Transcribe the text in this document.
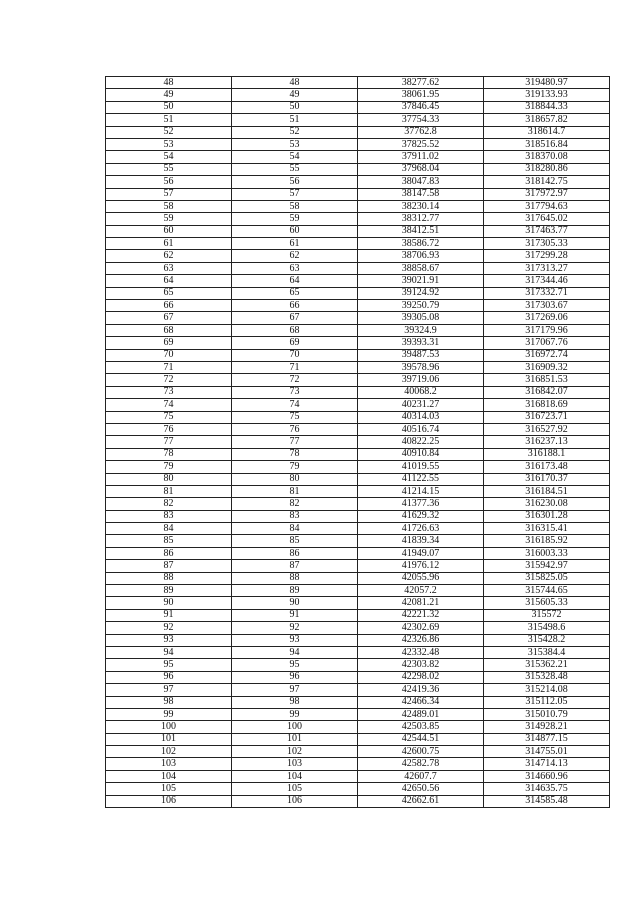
48	48	38277.62	319480.97
49	49	38061.95	319133.93
50	50	37846.45	318844.33
51	51	37754.33	318657.82
52	52	37762.8	318614.7
53	53	37825.52	318516.84
54	54	37911.02	318370.08
55	55	37968.04	318280.86
56	56	38047.83	318142.75
57	57	38147.58	317972.97
58	58	38230.14	317794.63
59	59	38312.77	317645.02
60	60	38412.51	317463.77
61	61	38586.72	317305.33
62	62	38706.93	317299.28
63	63	38858.67	317313.27
64	64	39021.91	317344.46
65	65	39124.92	317332.71
66	66	39250.79	317303.67
67	67	39305.08	317269.06
68	68	39324.9	317179.96
69	69	39393.31	317067.76
70	70	39487.53	316972.74
71	71	39578.96	316909.32
72	72	39719.06	316851.53
73	73	40068.2	316842.07
74	74	40231.27	316818.69
75	75	40314.03	316723.71
76	76	40516.74	316527.92
77	77	40822.25	316237.13
78	78	40910.84	316188.1
79	79	41019.55	316173.48
80	80	41122.55	316170.37
81	81	41214.15	316184.51
82	82	41377.36	316230.08
83	83	41629.32	316301.28
84	84	41726.63	316315.41
85	85	41839.34	316185.92
86	86	41949.07	316003.33
87	87	41976.12	315942.97
88	88	42055.96	315825.05
89	89	42057.2	315744.65
90	90	42081.21	315605.33
91	91	42221.32	315572
92	92	42302.69	315498.6
93	93	42326.86	315428.2
94	94	42332.48	315384.4
95	95	42303.82	315362.21
96	96	42298.02	315328.48
97	97	42419.36	315214.08
98	98	42466.34	315112.05
99	99	42489.01	315010.79
100	100	42503.85	314928.21
101	101	42544.51	314877.15
102	102	42600.75	314755.01
103	103	42582.78	314714.13
104	104	42607.7	314660.96
105	105	42650.56	314635.75
106	106	42662.61	314585.48
